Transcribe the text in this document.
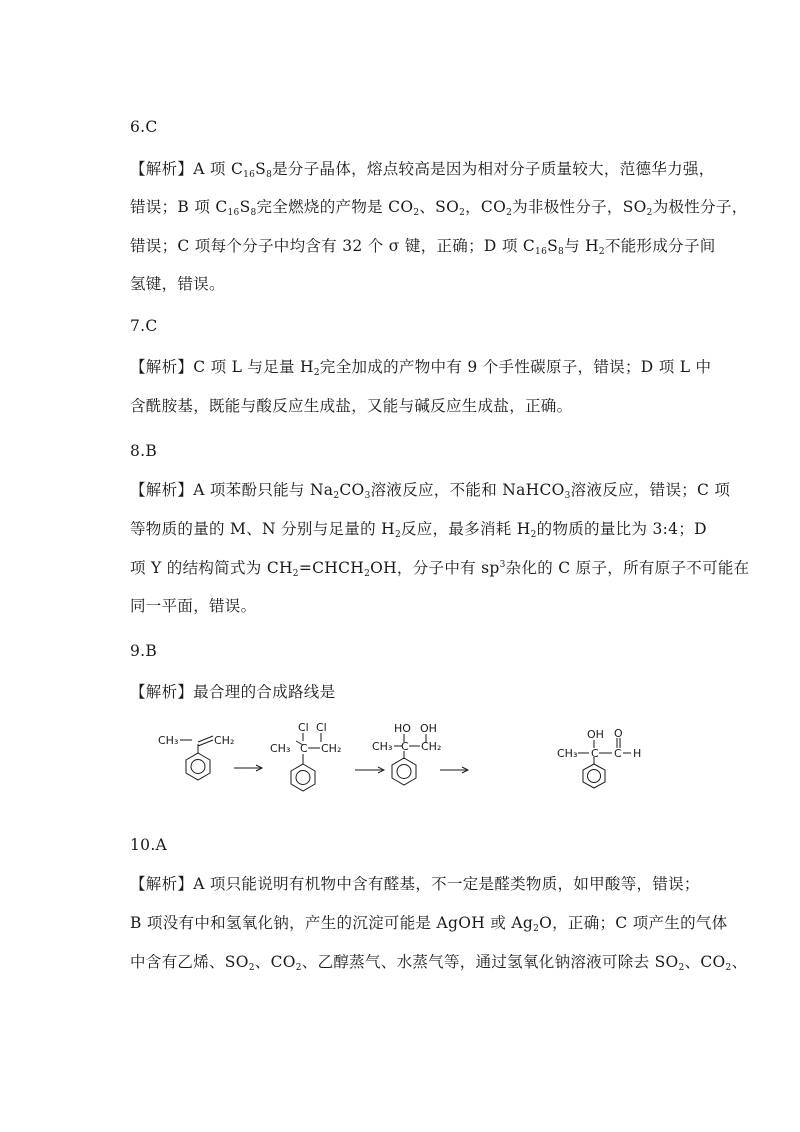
6.C
【解析】A 项 $C_{16}S_8$是分子晶体，熔点较高是因为相对分子质量较大，范德华力强，
错误；B 项 $C_{16}S_8$完全燃烧的产物是 $CO_2$、$SO_2$，$CO_2$为非极性分子，$SO_2$为极性分子，
错误；C 项每个分子中均含有 32 个 σ 键，正确；D 项 $C_{16}S_8$与 $H_2$不能形成分子间
氢键，错误。
7.C
【解析】C 项 L 与足量 $H_2$完全加成的产物中有 9 个手性碳原子，错误；D 项 L 中
含酰胺基，既能与酸反应生成盐，又能与碱反应生成盐，正确。
8.B
【解析】A 项苯酚只能与 $Na_2CO_3$溶液反应，不能和 NaHCO$_3$溶液反应，错误；C 项
等物质的量的 M、N 分别与足量的 $H_2$反应，最多消耗 $H_2$的物质的量比为 3:4；D
项 Y 的结构简式为 $CH_2=CHCH_2OH$，分子中有 $sp^3$杂化的 C 原子，所有原子不可能在
同一平面，错误。
9.B
【解析】最合理的合成路线是
CH₃	CH₂
Cl Cl
CH₃ C CH₂
HO OH
CH₃ C CH₂
OH O
CH₃ C C H
10.A
【解析】A 项只能说明有机物中含有醛基，不一定是醛类物质，如甲酸等，错误；
B 项没有中和氢氧化钠，产生的沉淀可能是 AgOH 或 $Ag_2O$，正确；C 项产生的气体
中含有乙烯、$SO_2$、$CO_2$、乙醇蒸气、水蒸气等，通过氢氧化钠溶液可除去 $SO_2$、$CO_2$、
